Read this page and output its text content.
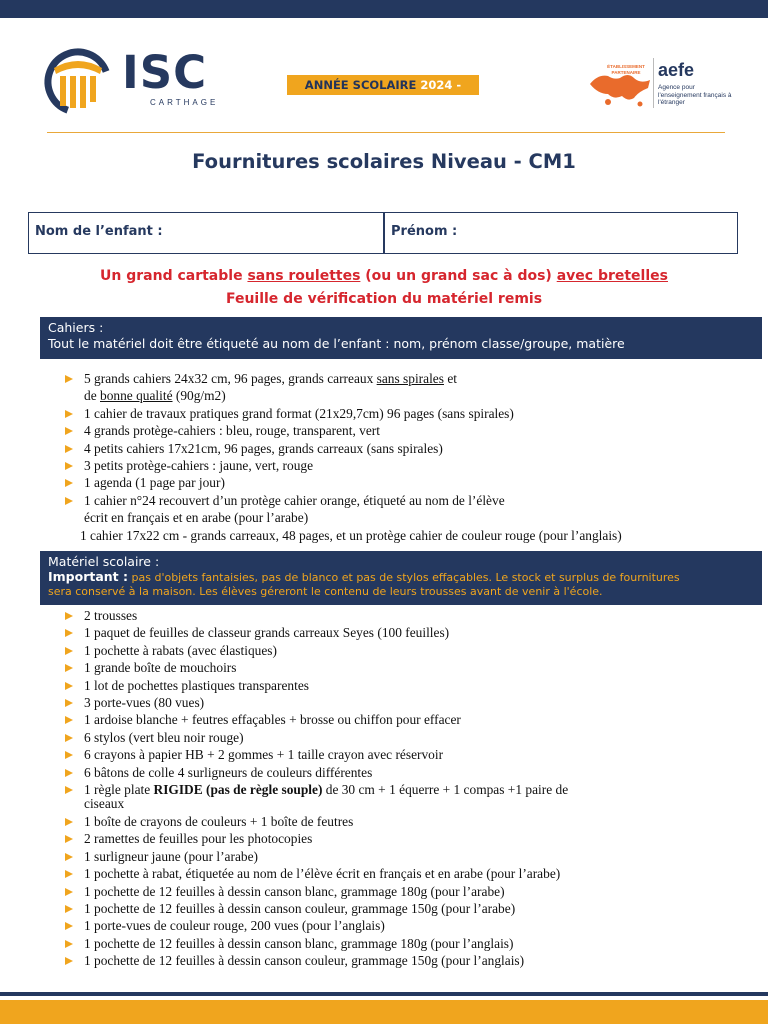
ISC
CARTHAGE
ANNÉE SCOLAIRE 2024 - 2025
ÉTABLISSEMENT PARTENAIRE aefe
Agence pour l'enseignement français à l'étranger
Fournitures scolaires Niveau - CM1
Nom de l’enfant :	Prénom :
Un grand cartable sans roulettes (ou un grand sac à dos) avec bretelles
Feuille de vérification du matériel remis
Cahiers :
Tout le matériel doit être étiqueté au nom de l’enfant : nom, prénom classe/groupe, matière
5 grands cahiers 24x32 cm, 96 pages, grands carreaux sans spirales et
de bonne qualité (90g/m2)
1 cahier de travaux pratiques grand format (21x29,7cm) 96 pages (sans spirales)
4 grands protège-cahiers : bleu, rouge, transparent, vert
4 petits cahiers 17x21cm, 96 pages, grands carreaux (sans spirales)
3 petits protège-cahiers : jaune, vert, rouge
1 agenda (1 page par jour)
1 cahier n°24 recouvert d’un protège cahier orange, étiqueté au nom de l’élève
écrit en français et en arabe (pour l’arabe)
1 cahier 17x22 cm - grands carreaux, 48 pages, et un protège cahier de couleur rouge (pour l’anglais)
Matériel scolaire :
Important : pas d'objets fantaisies, pas de blanco et pas de stylos effaçables. Le stock et surplus de fournitures
sera conservé à la maison. Les élèves géreront le contenu de leurs trousses avant de venir à l'école.
2 trousses
1 paquet de feuilles de classeur grands carreaux Seyes (100 feuilles)
1 pochette à rabats (avec élastiques)
1 grande boîte de mouchoirs
1 lot de pochettes plastiques transparentes
3 porte-vues (80 vues)
1 ardoise blanche + feutres effaçables + brosse ou chiffon pour effacer
6 stylos (vert bleu noir rouge)
6 crayons à papier HB + 2 gommes + 1 taille crayon avec réservoir
6 bâtons de colle 4 surligneurs de couleurs différentes
1 règle plate RIGIDE (pas de règle souple) de 30 cm + 1 équerre + 1 compas +1 paire de
ciseaux
1 boîte de crayons de couleurs + 1 boîte de feutres
2 ramettes de feuilles pour les photocopies
1 surligneur jaune (pour l’arabe)
1 pochette à rabat, étiquetée au nom de l’élève écrit en français et en arabe (pour l’arabe)
1 pochette de 12 feuilles à dessin canson blanc, grammage 180g (pour l’arabe)
1 pochette de 12 feuilles à dessin canson couleur, grammage 150g (pour l’arabe)
1 porte-vues de couleur rouge, 200 vues (pour l’anglais)
1 pochette de 12 feuilles à dessin canson blanc, grammage 180g (pour l’anglais)
1 pochette de 12 feuilles à dessin canson couleur, grammage 150g (pour l’anglais)
